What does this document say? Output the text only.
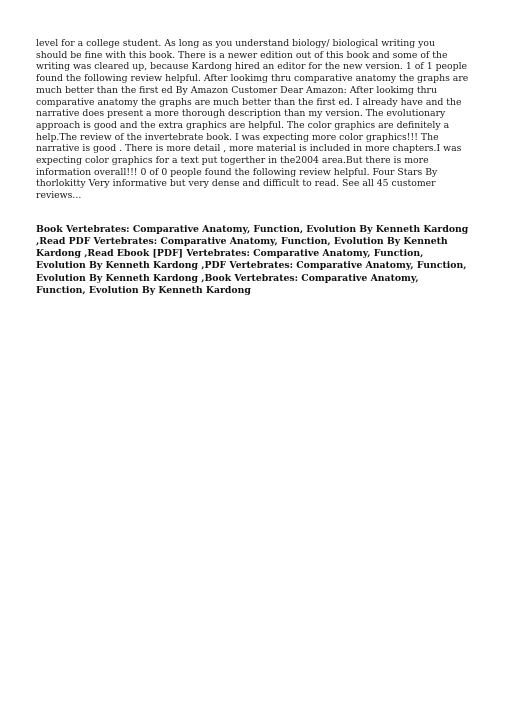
level for a college student. As long as you understand biology/ biological writing you should be fine with this book. There is a newer edition out of this book and some of the writing was cleared up, because Kardong hired an editor for the new version. 1 of 1 people found the following review helpful. After lookimg thru comparative anatomy the graphs are much better than the first ed By Amazon Customer Dear Amazon: After lookimg thru comparative anatomy the graphs are much better than the first ed. I already have and the narrative does present a more thorough description than my version. The evolutionary approach is good and the extra graphics are helpful. The color graphics are definitely a help.The review of the invertebrate book. I was expecting more color graphics!!! The narrative is good . There is more detail , more material is included in more chapters.I was expecting color graphics for a text put togerther in the2004 area.But there is more information overall!!! 0 of 0 people found the following review helpful. Four Stars By thorlokitty Very informative but very dense and difficult to read. See all 45 customer reviews...

Book Vertebrates: Comparative Anatomy, Function, Evolution By Kenneth Kardong ,Read PDF Vertebrates: Comparative Anatomy, Function, Evolution By Kenneth Kardong ,Read Ebook [PDF] Vertebrates: Comparative Anatomy, Function, Evolution By Kenneth Kardong ,PDF Vertebrates: Comparative Anatomy, Function, Evolution By Kenneth Kardong ,Book Vertebrates: Comparative Anatomy, Function, Evolution By Kenneth Kardong
